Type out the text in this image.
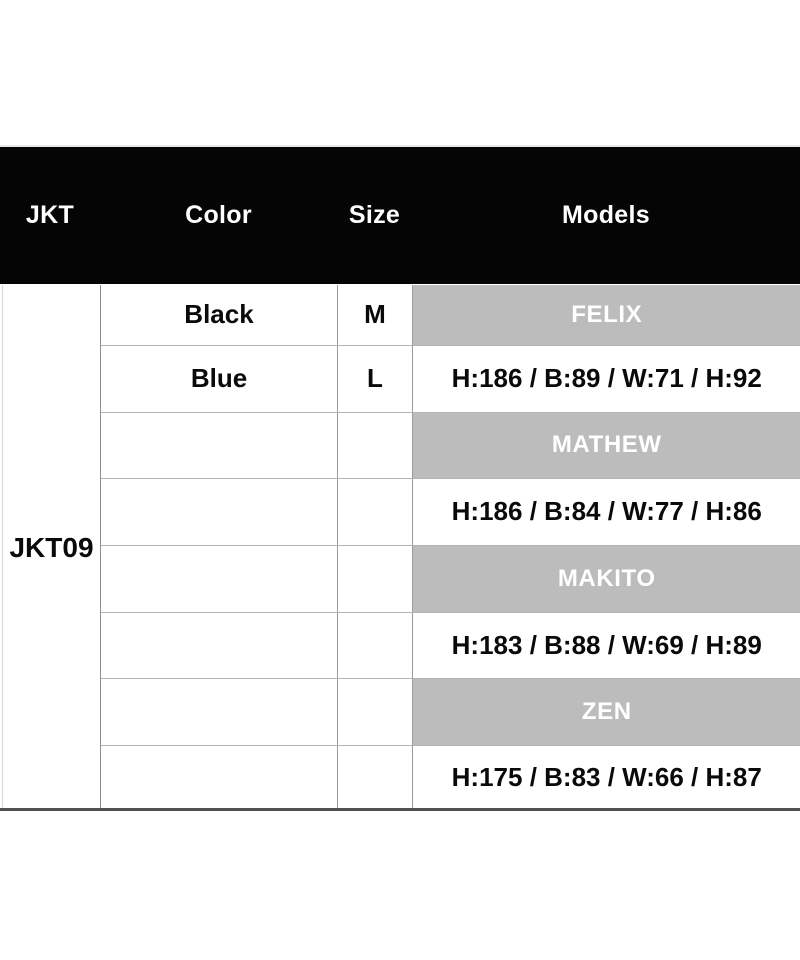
JKT	Color	Size	Models
JKT09	Black	M	FELIX
	Blue	L	H:186 / B:89 / W:71 / H:92
			MATHEW
			H:186 / B:84 / W:77 / H:86
			MAKITO
			H:183 / B:88 / W:69 / H:89
			ZEN
			H:175 / B:83 / W:66 / H:87
